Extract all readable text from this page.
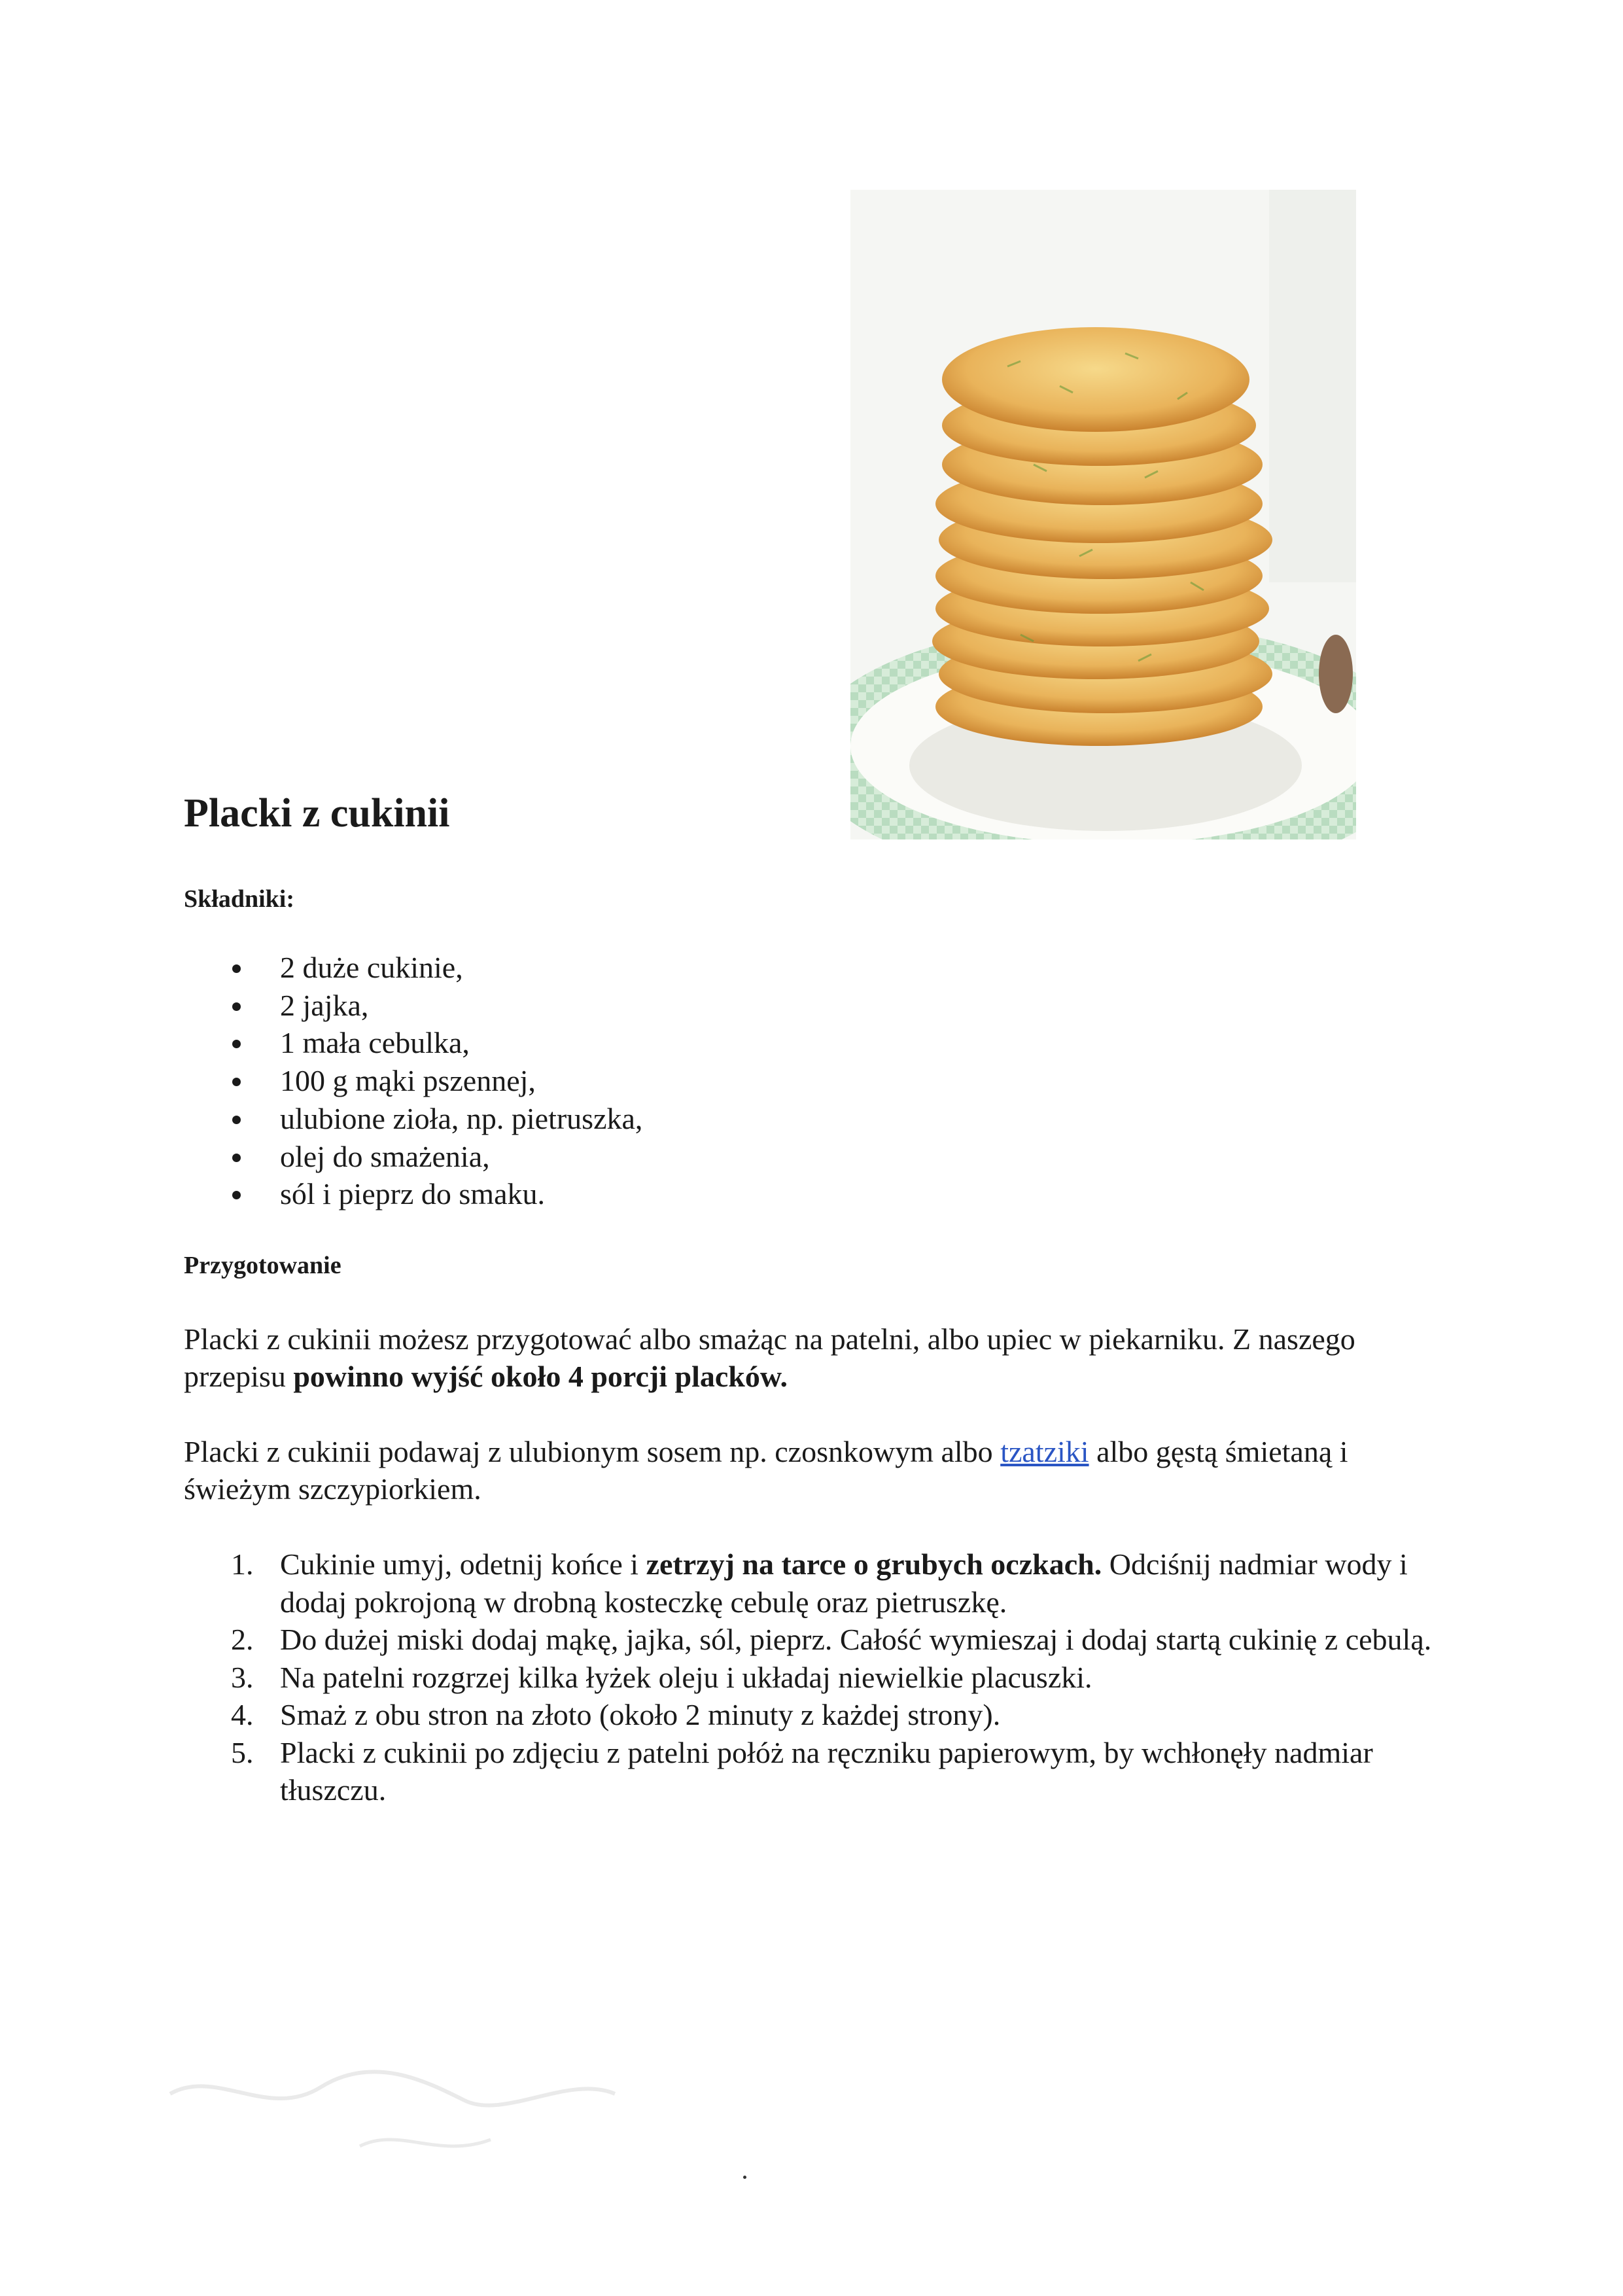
Placki z cukinii

Składniki:

2 duże cukinie,
2 jajka,
1 mała cebulka,
100 g mąki pszennej,
ulubione zioła, np. pietruszka,
olej do smażenia,
sól i pieprz do smaku.

Przygotowanie

Placki z cukinii możesz przygotować albo smażąc na patelni, albo upiec w piekarniku. Z naszego przepisu powinno wyjść około 4 porcji placków.

Placki z cukinii podawaj z ulubionym sosem np. czosnkowym albo tzatziki albo gęstą śmietaną i świeżym szczypiorkiem.

1. Cukinie umyj, odetnij końce i zetrzyj na tarce o grubych oczkach. Odciśnij nadmiar wody i dodaj pokrojoną w drobną kosteczkę cebulę oraz pietruszkę.
2. Do dużej miski dodaj mąkę, jajka, sól, pieprz. Całość wymieszaj i dodaj startą cukinię z cebulą.
3. Na patelni rozgrzej kilka łyżek oleju i układaj niewielkie placuszki.
4. Smaż z obu stron na złoto (około 2 minuty z każdej strony).
5. Placki z cukinii po zdjęciu z patelni połóż na ręczniku papierowym, by wchłonęły nadmiar tłuszczu.
